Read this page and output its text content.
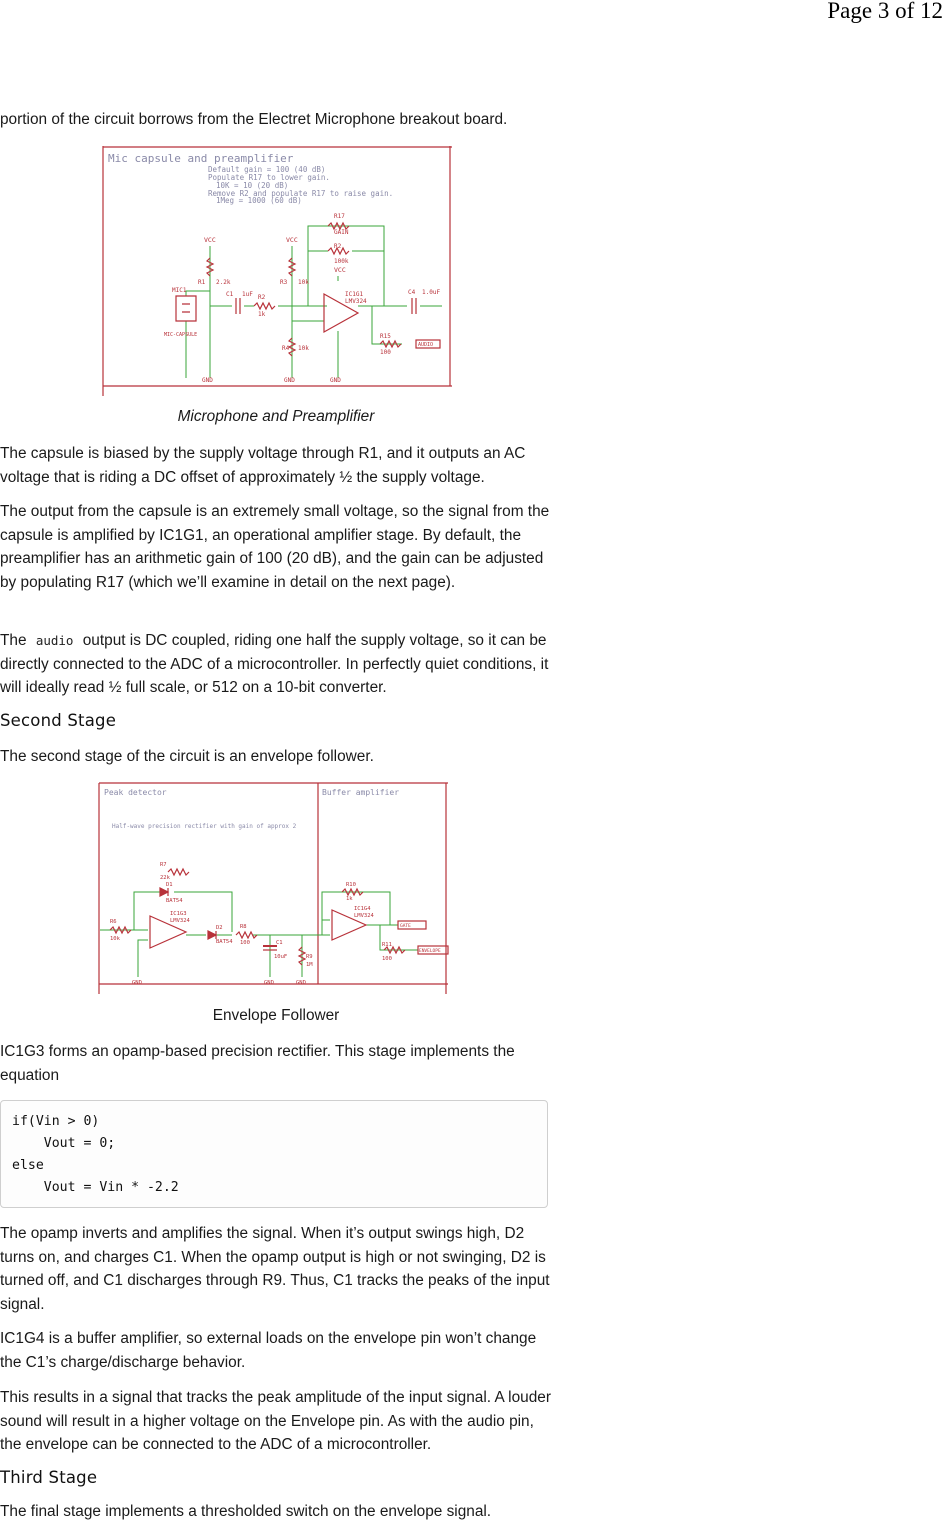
Page 3 of 12

portion of the circuit borrows from the Electret Microphone breakout board.

Mic capsule and preamplifier
Default gain = 100 (40 dB)
Populate R17 to lower gain.
10K = 10 (20 dB)
Remove R2 and populate R17 to raise gain.
1Meg = 1000 (60 dB)
VCC	VCC
VCC
GND	GND	GND
R1 2.2k	R3 10k
R4 10k
R2
1k
R17
GAIN
R2
100k
IC1G1
LMV324
C1 1uF	C4 1.0uF
R15
100
AUDIO
MIC1
MIC-CAPSULE
Microphone and Preamplifier

The capsule is biased by the supply voltage through R1, and it outputs an AC voltage that is riding a DC offset of approximately ½ the supply voltage.

The output from the capsule is an extremely small voltage, so the signal from the capsule is amplified by IC1G1, an operational amplifier stage. By default, the preamplifier has an arithmetic gain of 100 (20 dB), and the gain can be adjusted by populating R17 (which we’ll examine in detail on the next page).

The audio output is DC coupled, riding one half the supply voltage, so it can be directly connected to the ADC of a microcontroller. In perfectly quiet conditions, it will ideally read ½ full scale, or 512 on a 10-bit converter.

Second Stage

The second stage of the circuit is an envelope follower.

Peak detector	Buffer amplifier
Half-wave precision rectifier with gain of approx 2
R7
22k
D1
BAT54
R6
10k
IC1G3
LMV324
D2
BAT54
R8
100	C1
10uF	R9
1M
R10
1k
IC1G4
LMV324
R11
100
GND	GND	GND
GATE
ENVELOPE
Envelope Follower

IC1G3 forms an opamp-based precision rectifier. This stage implements the equation

if(Vin > 0)
Vout = 0;
else
Vout = Vin * -2.2

The opamp inverts and amplifies the signal. When it’s output swings high, D2 turns on, and charges C1. When the opamp output is high or not swinging, D2 is turned off, and C1 discharges through R9. Thus, C1 tracks the peaks of the input signal.

IC1G4 is a buffer amplifier, so external loads on the envelope pin won’t change the C1’s charge/discharge behavior.

This results in a signal that tracks the peak amplitude of the input signal. A louder sound will result in a higher voltage on the Envelope pin. As with the audio pin, the envelope can be connected to the ADC of a microcontroller.

Third Stage

The final stage implements a thresholded switch on the envelope signal.
